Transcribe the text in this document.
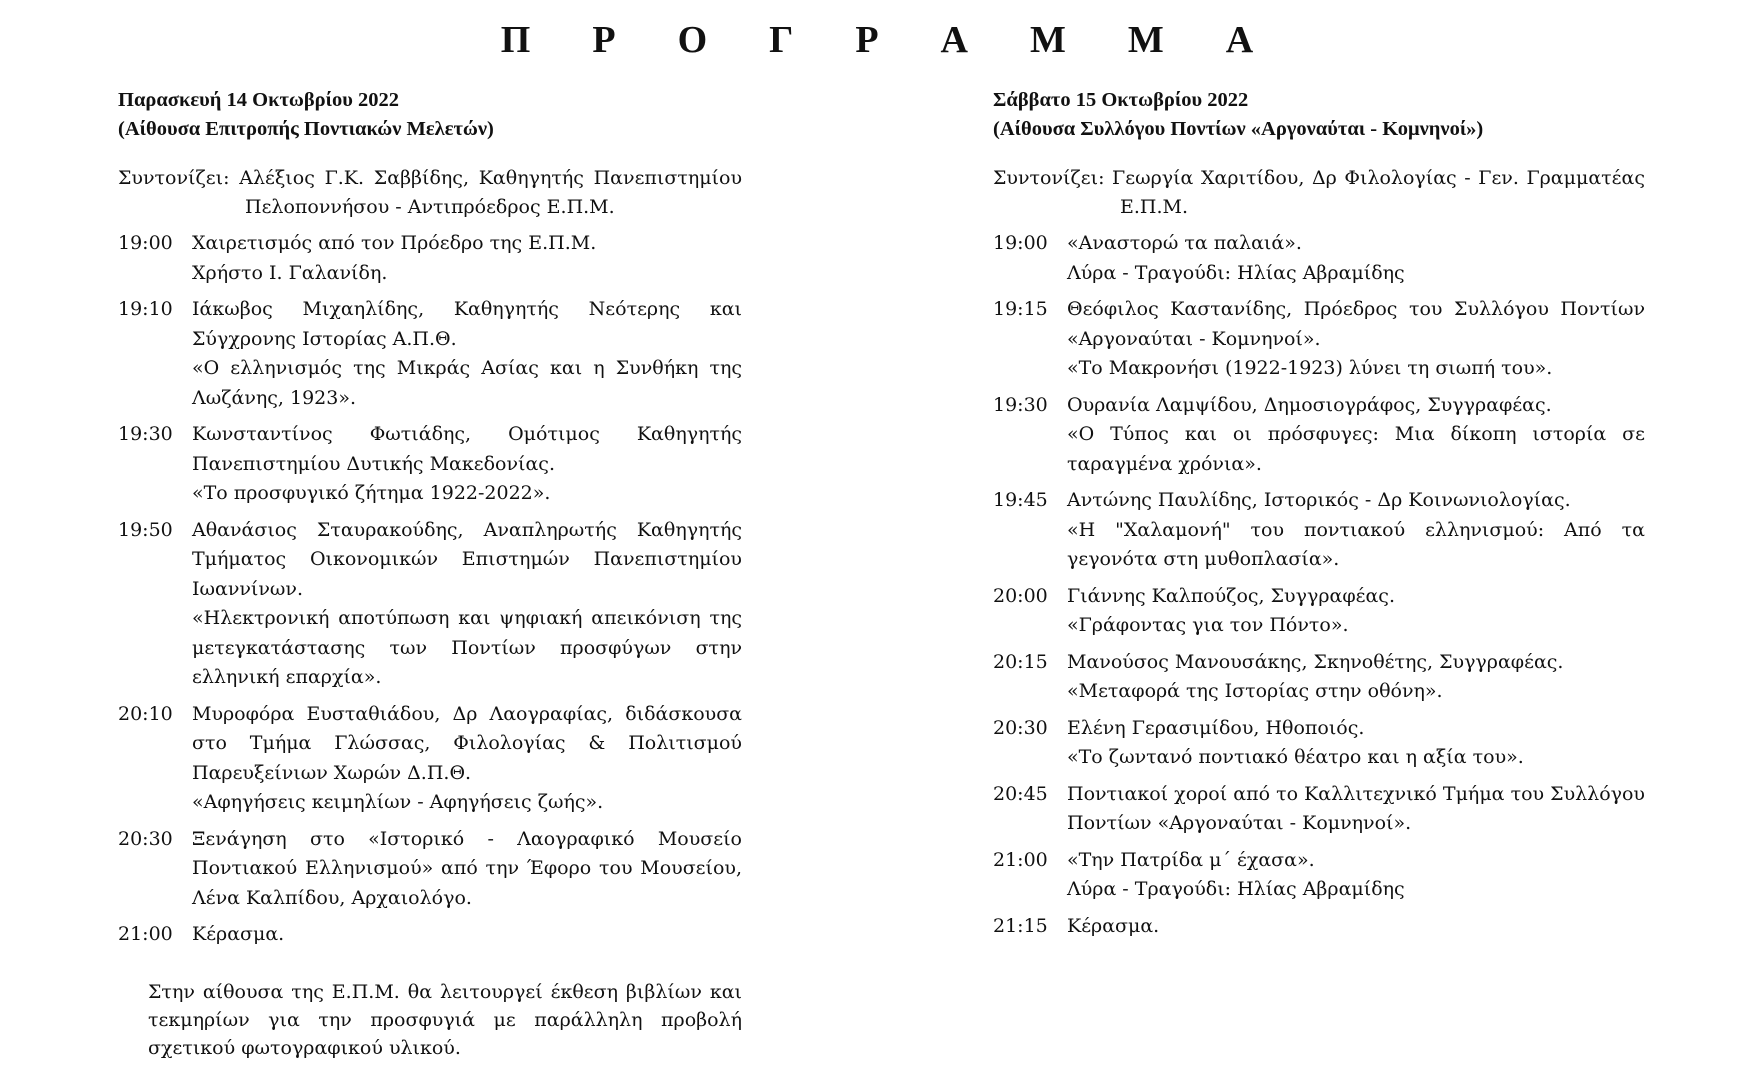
Π Ρ Ο Γ Ρ Α Μ Μ Α
Παρασκευή 14 Οκτωβρίου 2022
(Αίθουσα Επιτροπής Ποντιακών Μελετών)
Συντονίζει: Αλέξιος Γ.Κ. Σαββίδης, Καθηγητής Πανεπιστημίου Πελοποννήσου - Αντιπρόεδρος Ε.Π.Μ.
19:00	Χαιρετισμός από τον Πρόεδρο της Ε.Π.Μ.
Χρήστο Ι. Γαλανίδη.
19:10	Ιάκωβος Μιχαηλίδης, Καθηγητής Νεότερης και Σύγχρονης Ιστορίας Α.Π.Θ.
«Ο ελληνισμός της Μικράς Ασίας και η Συνθήκη της Λωζάνης, 1923».
19:30	Κωνσταντίνος Φωτιάδης, Ομότιμος Καθηγητής Πανεπιστημίου Δυτικής Μακεδονίας.
«Το προσφυγικό ζήτημα 1922-2022».
19:50	Αθανάσιος Σταυρακούδης, Αναπληρωτής Καθηγητής Τμήματος Οικονομικών Επιστημών Πανεπιστημίου Ιωαννίνων.
«Ηλεκτρονική αποτύπωση και ψηφιακή απεικόνιση της μετεγκατάστασης των Ποντίων προσφύγων στην ελληνική επαρχία».
20:10	Μυροφόρα Ευσταθιάδου, Δρ Λαογραφίας, διδάσκουσα στο Τμήμα Γλώσσας, Φιλολογίας & Πολιτισμού Παρευξείνιων Χωρών Δ.Π.Θ.
«Αφηγήσεις κειμηλίων - Αφηγήσεις ζωής».
20:30	Ξενάγηση στο «Ιστορικό - Λαογραφικό Μουσείο Ποντιακού Ελληνισμού» από την Έφορο του Μουσείου, Λένα Καλπίδου, Αρχαιολόγο.
21:00	Κέρασμα.
Στην αίθουσα της Ε.Π.Μ. θα λειτουργεί έκθεση βιβλίων και τεκμηρίων για την προσφυγιά με παράλληλη προβολή σχετικού φωτογραφικού υλικού.
Σάββατο 15 Οκτωβρίου 2022
(Αίθουσα Συλλόγου Ποντίων «Αργοναύται - Κομνηνοί»)
Συντονίζει: Γεωργία Χαριτίδου, Δρ Φιλολογίας - Γεν. Γραμματέας Ε.Π.Μ.
19:00	«Αναστορώ τα παλαιά».
Λύρα - Τραγούδι: Ηλίας Αβραμίδης
19:15	Θεόφιλος Καστανίδης, Πρόεδρος του Συλλόγου Ποντίων «Αργοναύται - Κομνηνοί».
«Το Μακρονήσι (1922-1923) λύνει τη σιωπή του».
19:30	Ουρανία Λαμψίδου, Δημοσιογράφος, Συγγραφέας.
«Ο Τύπος και οι πρόσφυγες: Μια δίκοπη ιστορία σε ταραγμένα χρόνια».
19:45	Αντώνης Παυλίδης, Ιστορικός - Δρ Κοινωνιολογίας.
«Η "Χαλαμονή" του ποντιακού ελληνισμού: Από τα γεγονότα στη μυθοπλασία».
20:00	Γιάννης Καλπούζος, Συγγραφέας.
«Γράφοντας για τον Πόντο».
20:15	Μανούσος Μανουσάκης, Σκηνοθέτης, Συγγραφέας.
«Μεταφορά της Ιστορίας στην οθόνη».
20:30	Ελένη Γερασιμίδου, Ηθοποιός.
«Το ζωντανό ποντιακό θέατρο και η αξία του».
20:45	Ποντιακοί χοροί από το Καλλιτεχνικό Τμήμα του Συλλόγου Ποντίων «Αργοναύται - Κομνηνοί».
21:00	«Την Πατρίδα μ΄ έχασα».
Λύρα - Τραγούδι: Ηλίας Αβραμίδης
21:15	Κέρασμα.
